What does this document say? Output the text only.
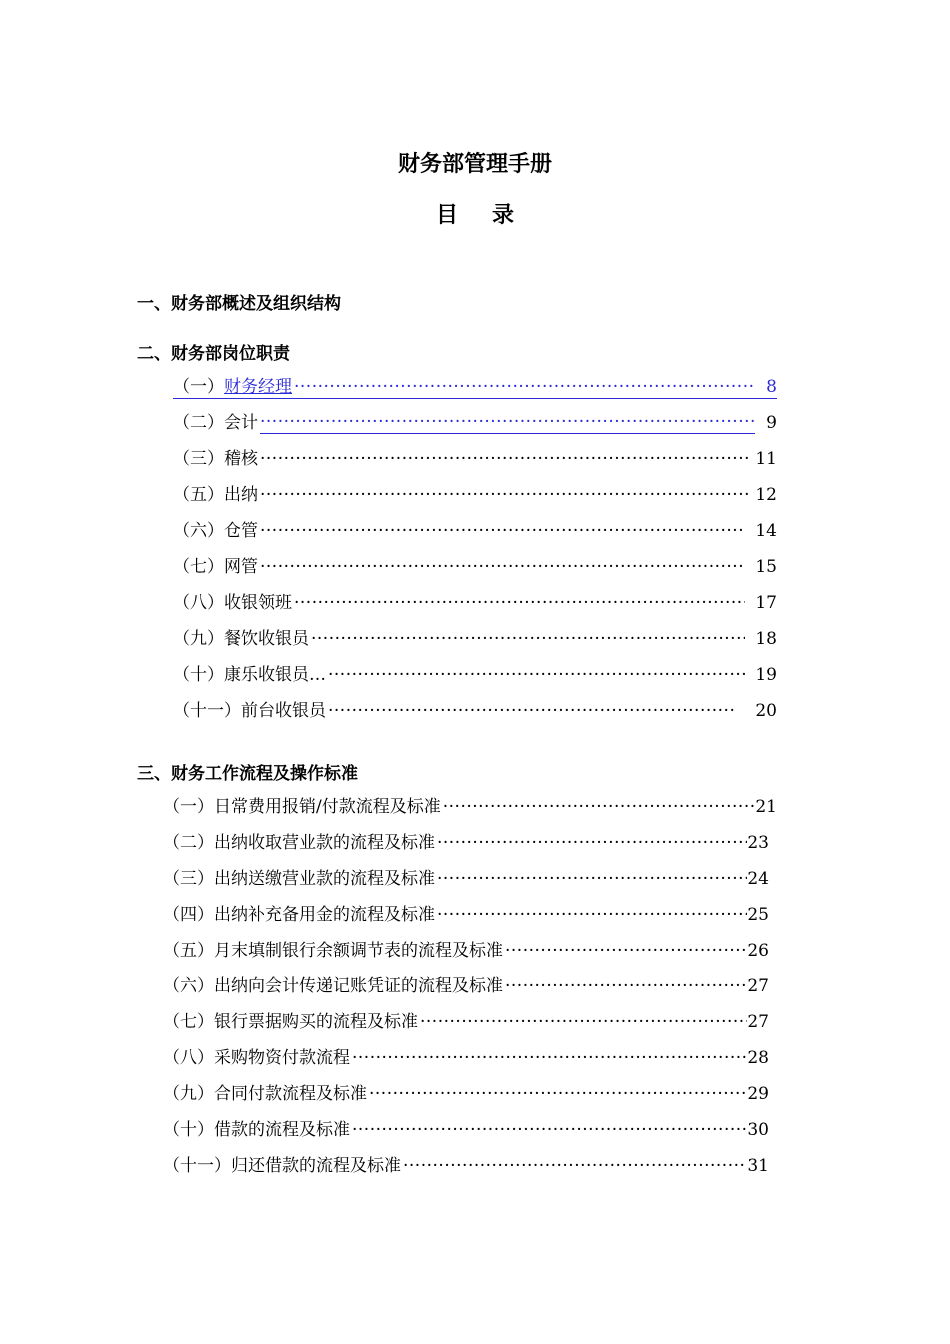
财务部管理手册
目录
一、财务部概述及组织结构
二、财务部岗位职责
（一） 财务经理 ·····	8
（二） 会计 ·····	9
（三） 稽核 ·····	11
（五） 出纳 ·····	12
（六） 仓管 ·····	14
（七） 网管 ·····	15
（八） 收银领班 ·····	17
（九） 餐饮收银员 ·····	18
（十） 康乐收银员… ·····	19
（十一） 前台收银员 ·····	20
三、财务工作流程及操作标准
（一） 日常费用报销/付款流程及标准 ·····	21
（二） 出纳收取营业款的流程及标准 ·····	23
（三） 出纳送缴营业款的流程及标准 ·····	24
（四） 出纳补充备用金的流程及标准 ·····	25
（五） 月末填制银行余额调节表的流程及标准 ·····	26
（六） 出纳向会计传递记账凭证的流程及标准 ·····	27
（七） 银行票据购买的流程及标准 ·····	27
（八） 采购物资付款流程 ·····	28
（九） 合同付款流程及标准 ·····	29
（十） 借款的流程及标准 ·····	30
（十一） 归还借款的流程及标准 ·····	31
